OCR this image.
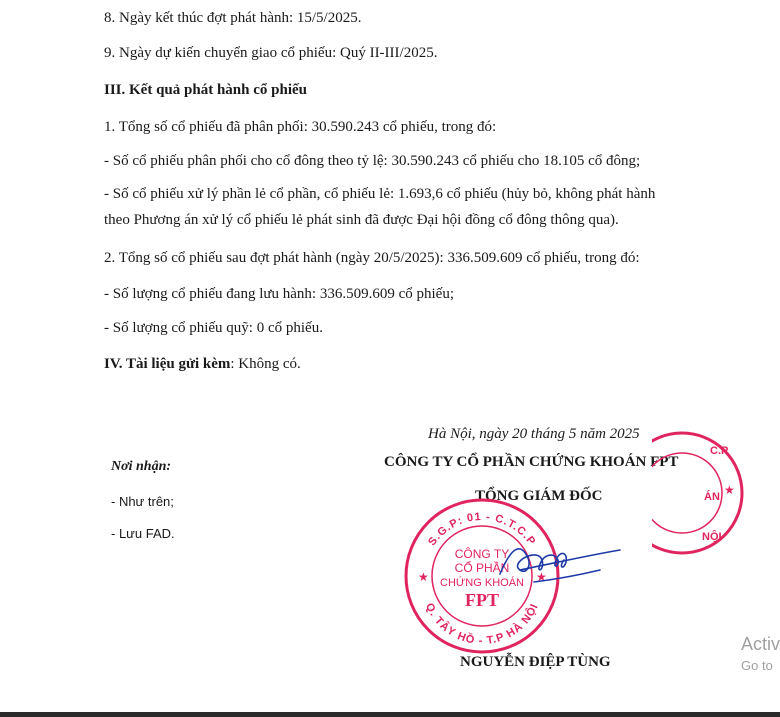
8. Ngày kết thúc đợt phát hành: 15/5/2025.
9. Ngày dự kiến chuyển giao cổ phiếu: Quý II-III/2025.
III. Kết quả phát hành cổ phiếu
1. Tổng số cổ phiếu đã phân phối: 30.590.243 cổ phiếu, trong đó:
- Số cổ phiếu phân phối cho cổ đông theo tỷ lệ: 30.590.243 cổ phiếu cho 18.105 cổ đông;
- Số cổ phiếu xử lý phần lẻ cổ phần, cổ phiếu lẻ: 1.693,6 cổ phiếu (hủy bỏ, không phát hành
theo Phương án xử lý cổ phiếu lẻ phát sinh đã được Đại hội đồng cổ đông thông qua).
2. Tổng số cổ phiếu sau đợt phát hành (ngày 20/5/2025): 336.509.609 cổ phiếu, trong đó:
- Số lượng cổ phiếu đang lưu hành: 336.509.609 cổ phiếu;
- Số lượng cổ phiếu quỹ: 0 cổ phiếu.
IV. Tài liệu gửi kèm: Không có.
Nơi nhận:
- Như trên;
- Lưu FAD.
Hà Nội, ngày 20 tháng 5 năm 2025
CÔNG TY CỔ PHẦN CHỨNG KHOÁN FPT
TỔNG GIÁM ĐỐC
S.G.P: 01 - C.T.C.P
Q. TÂY HỒ - T.P HÀ NỘI
★	★
CÔNG TY
CỔ PHẦN
CHỨNG KHOÁN
FPT
C.P
ÁN ★
NỘI
NGUYỄN ĐIỆP TÙNG
Activ
Go to
